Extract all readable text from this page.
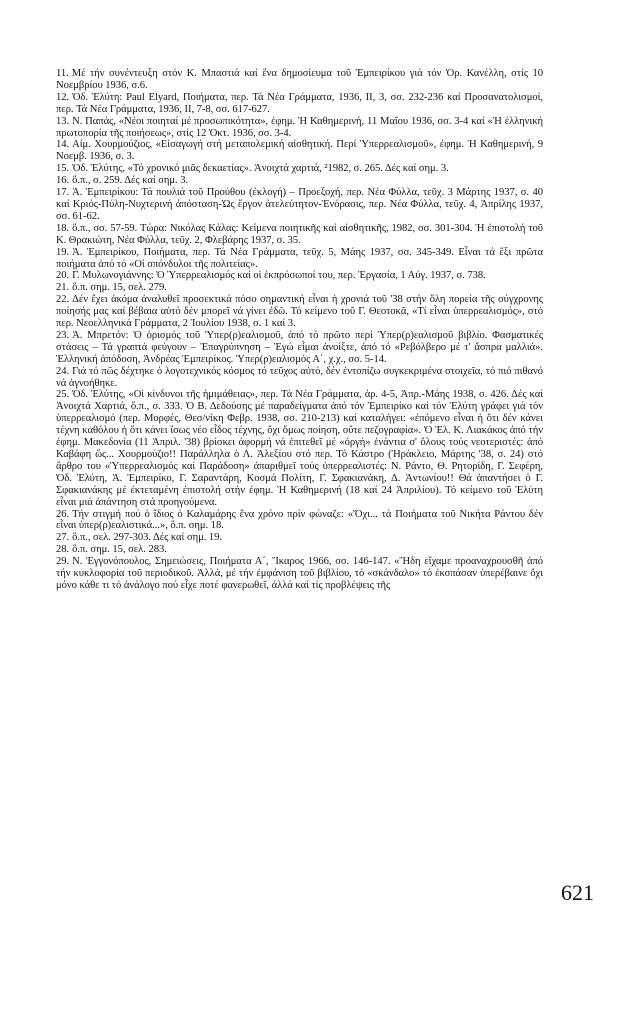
11. Μέ τήν συνέντευξη στόν Κ. Μπαστιά καί ἕνα δημοσίευμα τοῦ Ἐμπειρίκου γιά τόν Ὀρ. Κανέλλη, στίς 10 Νοεμβρίου 1936, σ.6.
12. Ὀδ. Ἐλύτη: Paul Elyard, Ποιήματα, περ. Τά Νέα Γράμματα, 1936, II, 3, σσ. 232-236 καί Προσανατολισμοί, περ. Τά Νέα Γράμματα, 1936, II, 7-8, σσ. 617-627.
13. Ν. Παπάς, «Νέοι ποιηταί μέ προσωπικότητα», ἐφημ. Ἡ Καθημερινή, 11 Μαΐου 1936, σσ. 3-4 καί «Ἡ ἑλληνική πρωτοπορία τῆς ποιήσεως», στίς 12 Ὀκτ. 1936, σσ. 3-4.
14. Αἰμ. Χουρμούζιος, «Εἰσαγωγή στή μεταπολεμική αἰσθητική. Περί Ὑπερρεαλισμοῦ», ἐφημ. Ἡ Καθημερινή, 9 Νοεμβ. 1936, σ. 3.
15. Ὀδ. Ἐλύτης, «Τό χρονικό μιᾶς δεκαετίας». Ἀνοιχτά χαρτιά, ²1982, σ. 265. Δές καί σημ. 3.
16. ὅ.π., σ. 259. Δές καί σημ. 3.
17. Ἀ. Ἐμπειρίκου: Τά πουλιά τοῦ Προύθου (ἐκλογή) – Προεξοχή, περ. Νέα Φύλλα, τεῦχ. 3 Μάρτης 1937, σ. 40 καί Κριός-Πύλη-Νυχτερινή ἀπόσταση-Ὡς ἔργον ἀτελεύτητον-Ἐνόρασις, περ. Νέα Φύλλα, τεῦχ. 4, Ἀπρίλης 1937, σσ. 61-62.
18. ὅ.π., σσ. 57-59. Τώρα: Νικόλας Κάλας: Κείμενα ποιητικῆς καί αἰσθητικῆς, 1982, σσ. 301-304. Ἡ ἐπιστολή τοῦ Κ. Θρακιώτη, Νέα Φύλλα, τεῦχ. 2, Φλεβάρης 1937, σ. 35.
19. Ἀ. Ἐμπειρίκου, Ποιήματα, περ. Τά Νέα Γράμματα, τεῦχ. 5, Μάης 1937, σσ. 345-349. Εἶναι τά ἕξι πρῶτα ποιήματα ἀπό τό «Οἱ σπόνδυλοι τῆς πολιτείας».
20. Γ. Μυλωνογιάννης: Ὁ Ὑπερρεαλισμός καί οἱ ἐκπρόσωποί του, περ. Ἐργασία, 1 Αὐγ. 1937, σ. 738.
21. ὅ.π. σημ. 15, σελ. 279.
22. Δέν ἔχει ἀκόμα ἀναλυθεῖ προσεκτικά πόσο σημαντική εἶναι ἡ χρονιά τοῦ '38 στήν ὅλη πορεία τῆς σύγχρονης ποίησής μας καί βέβαια αὐτό δέν μπορεῖ νά γίνει ἐδῶ. Τό κείμενο τοῦ Γ. Θεοτοκᾶ, «Τί εἶναι ὑπερρεαλισμός», στό περ. Νεοελληνικά Γράμματα, 2 Ἰουλίου 1938, σ. 1 καί 3.
23. Ἀ. Μπρετόν: Ὁ ὁρισμός τοῦ Ὑπερ(ρ)εαλισμοῦ, ἀπό τό πρῶτο περί Ὑπερ(ρ)εαλισμοῦ βιβλίο. Φασματικές στάσεις – Τά γραπτά φεύγουν – Ἐπαγρύπνηση – Ἐγώ εἶμαι ἀνοίξτε, ἀπό τό «Ρεβόλβερο μέ τ' ἄσπρα μαλλιά». Ἐλληνική ἀπόδοση, Ἀνδρέας Ἐμπειρίκος. Ὑπερ(ρ)εαλισμός Α΄, χ.χ., σσ. 5-14.
24. Γιά τό πῶς δέχτηκε ὁ λογοτεχνικός κόσμος τό τεῦχος αὐτό, δέν ἐντοπίζω συγκεκριμένα στοιχεῖα, τό πιό πιθανό νά ἀγνοήθηκε.
25. Ὀδ. Ἐλύτης, «Οἱ κίνδυνοι τῆς ἡμιμάθειας», περ. Τά Νέα Γράμματα, ἀρ. 4-5, Ἀπρ.-Μάης 1938, σ. 426. Δές καί Ἀνοιχτά Χαρτιά, ὅ.π., σ. 333. Ὁ Β. Δεδούσης μέ παραδείγματα ἀπό τόν Ἐμπειρίκο καί τόν Ἐλύτη γράφει γιά τόν ὑπερρεαλισμό (περ. Μορφές, Θεσ/νίκη Φεβρ. 1938, σσ. 210-213) καί καταλήγει: «ἑπόμενο εἶναι ἡ ὅτι δέν κάνει τέχνη καθόλου ἡ ὅτι κάνει ἴσως νέο εἶδος τέχνης, ὄχι ὅμως ποίηση, οὔτε πεζογραφία». Ὁ Ἐλ. Κ. Λιακάκος ἀπό τήν ἐφημ. Μακεδονία (11 Ἀπριλ. '38) βρίσκει ἀφορμή νά ἐπιτεθεῖ μέ «ὀργή» ἐνάντια σ' ὅλους τούς νεοτεριστές: ἀπό Καβάφη ὥς... Χουρμούζιο!! Παράλληλα ὁ Λ. Ἀλεξίου στό περ. Τό Κάστρο (Ἡράκλειο, Μάρτης '38, σ. 24) στό ἄρθρο του «Ὑπερρεαλισμός καί Παράδοση» ἀπαριθμεῖ τούς ὑπερρεαλιστές: Ν. Ράντο, Θ. Ρητορίδη, Γ. Σεφέρη, Ὀδ. Ἐλύτη, Ἀ. Ἐμπειρίκο, Γ. Σαραντάρη, Κοσμά Πολίτη, Γ. Σφακιανάκη, Δ. Ἀντωνίου!! Θά ἀπαντήσει ὁ Γ. Σφακιανάκης μέ ἐκτεταμένη ἐπιστολή στήν ἐφημ. Ἡ Καθημερινή (18 καί 24 Ἀπριλίου). Τό κείμενο τοῦ Ἐλύτη εἶναι μιά ἀπάντηση στά προηγούμενα.
26. Τήν στιγμή πού ὁ ἴδιος ὁ Καλαμάρης ἕνα χρόνο πρίν φώναζε: «Ὄχι... τά Ποιήματα τοῦ Νικήτα Ράντου δέν εἶναι ὑπερ(ρ)εαλιστικά...», ὅ.π. σημ. 18.
27. ὅ.π., σελ. 297-303. Δές καί σημ. 19.
28. ὅ.π. σημ. 15, σελ. 283.
29. Ν. Ἐγγονόπουλος, Σημειώσεις, Ποιήματα Α΄, Ἴκαρος 1966, σσ. 146-147. «Ἤδη εἴχαμε προαναχρουσθῆ ἀπό τήν κυκλοφορία τοῦ περιοδικοῦ. Ἀλλά, μέ τήν ἐμφάνιση τοῦ βιβλίου, τό «σκάνδαλο» τό ἐκσπάσαν ὑπερέβαινε ὄχι μόνο κάθε τι τό ἀνάλογο πού εἶχε ποτέ φανερωθεῖ, ἀλλά καί τίς προβλέψεις τῆς
621
